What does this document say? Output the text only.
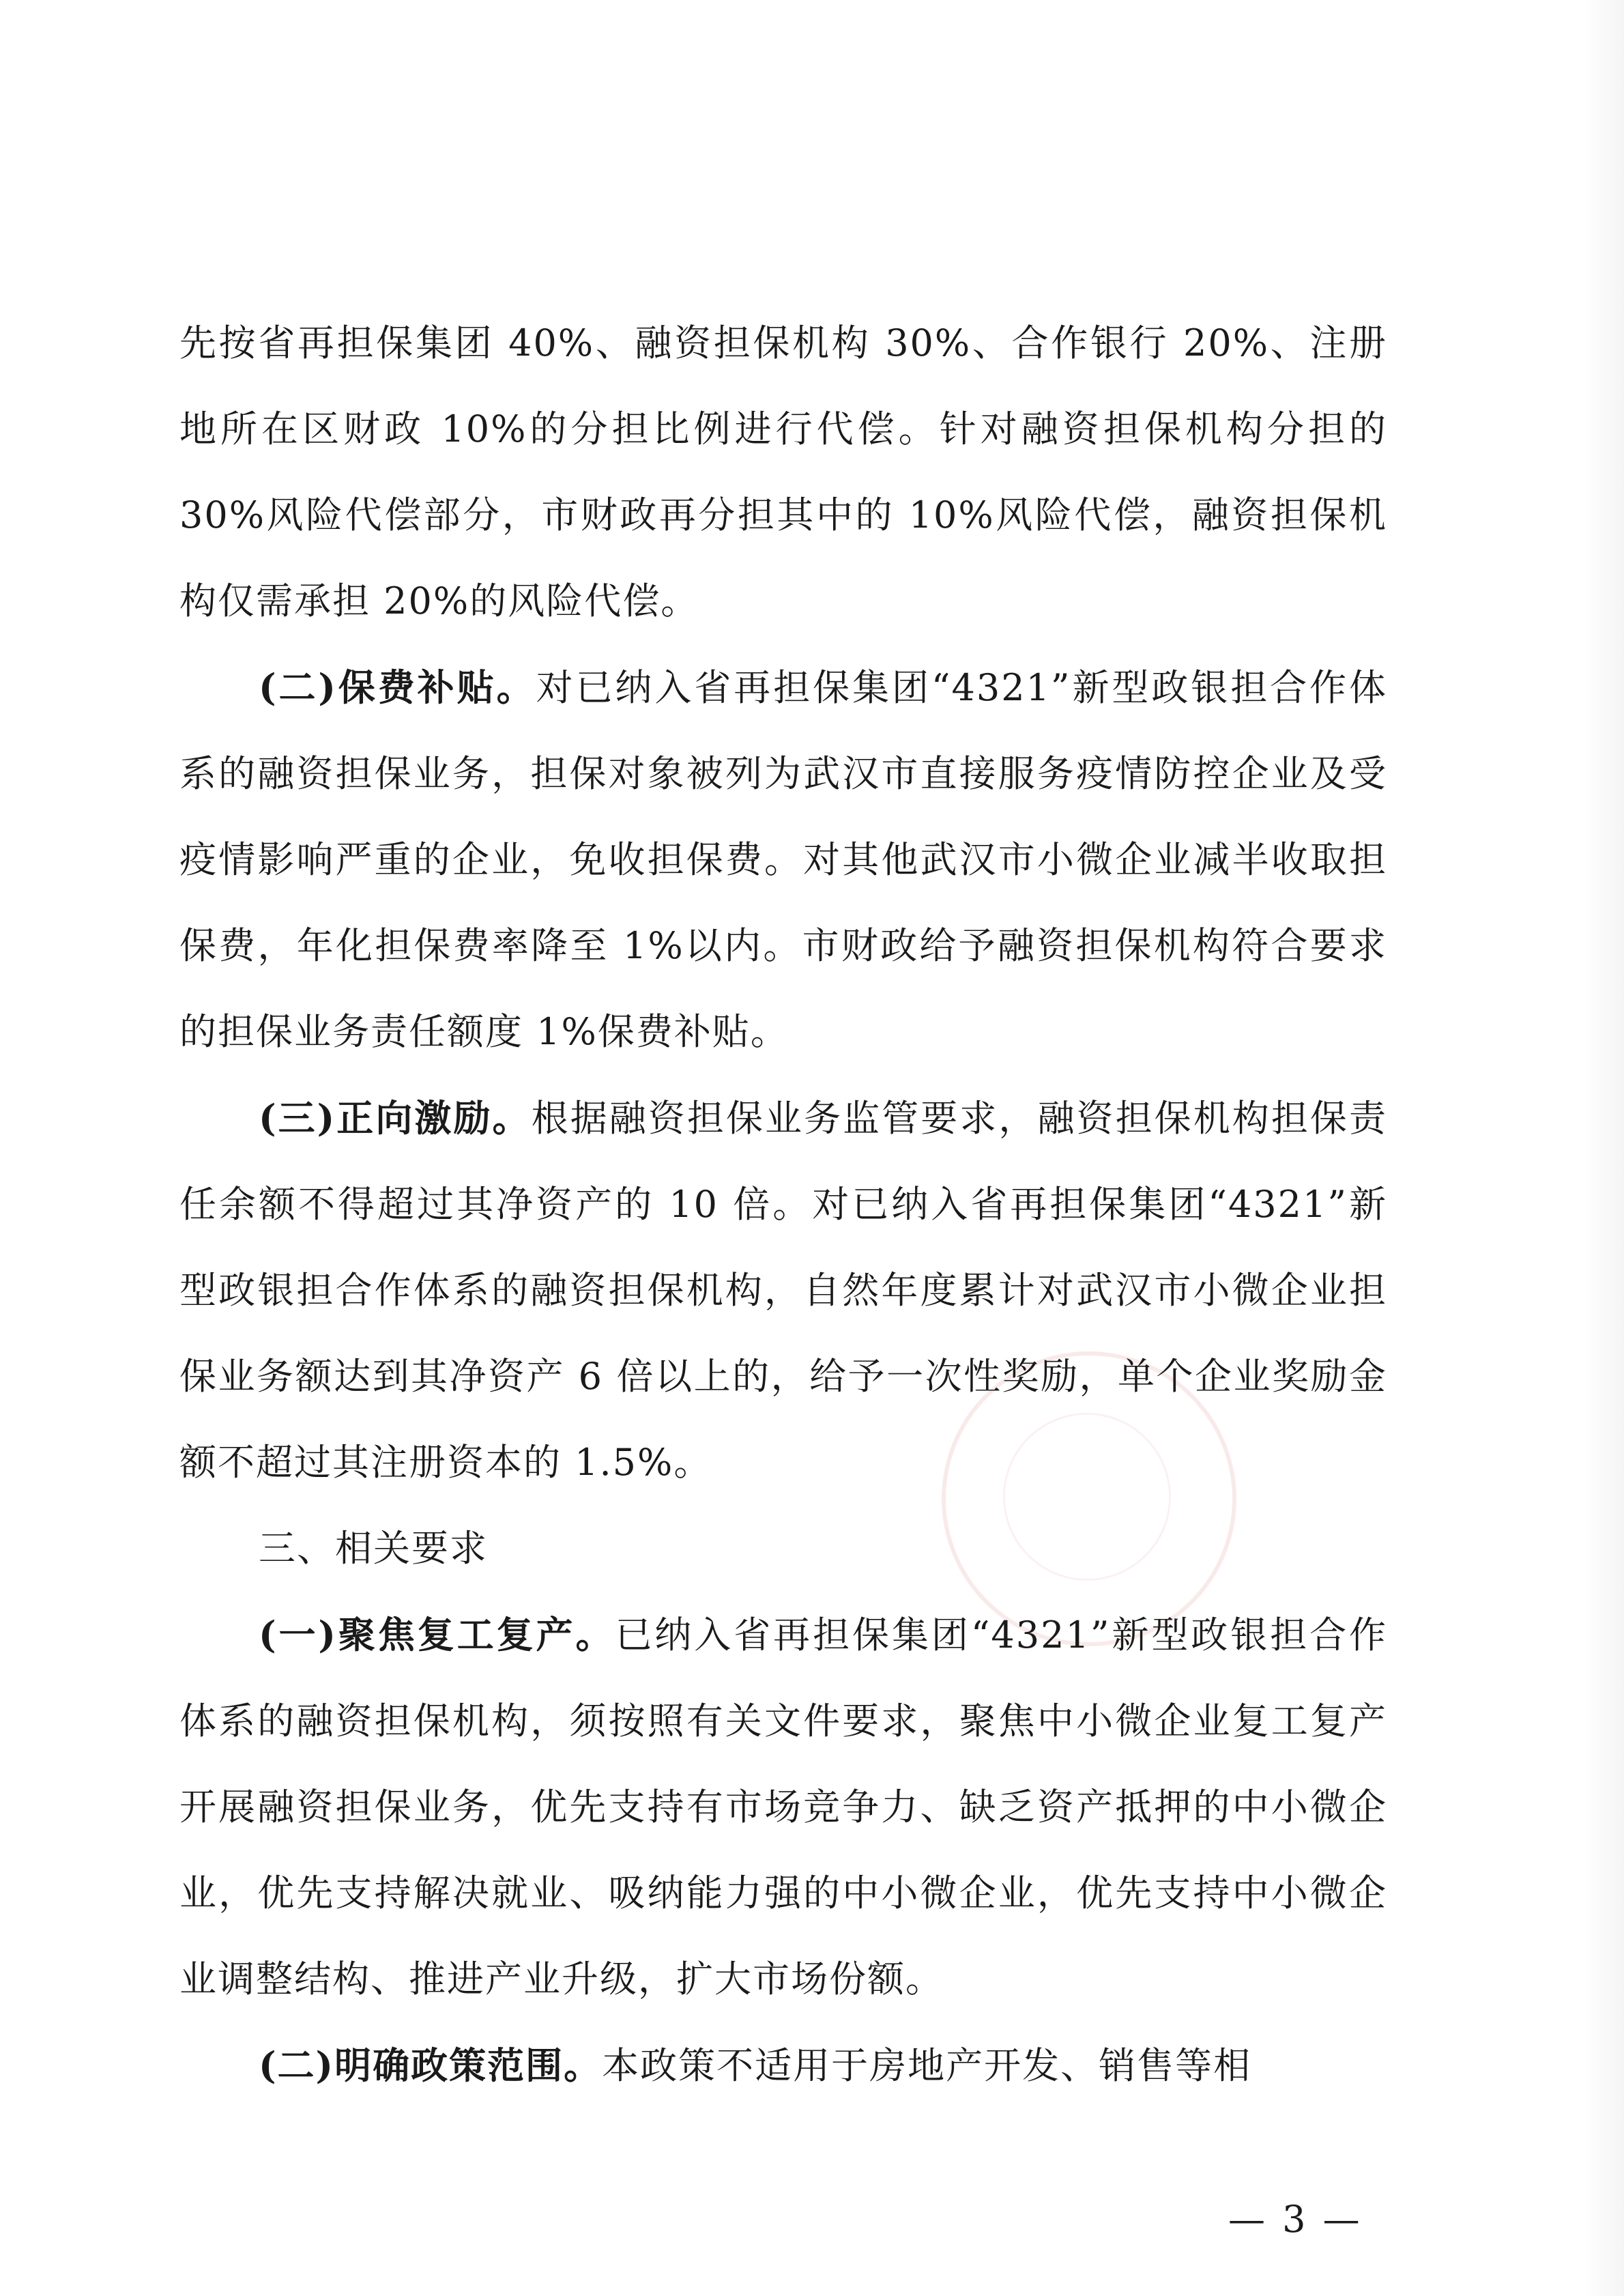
先按省再担保集团 40%、融资担保机构 30%、合作银行 20%、注册地所在区财政 10%的分担比例进行代偿。针对融资担保机构分担的 30%风险代偿部分，市财政再分担其中的 10%风险代偿，融资担保机构仅需承担 20%的风险代偿。

(二)保费补贴。对已纳入省再担保集团“4321”新型政银担合作体系的融资担保业务，担保对象被列为武汉市直接服务疫情防控企业及受疫情影响严重的企业，免收担保费。对其他武汉市小微企业减半收取担保费，年化担保费率降至 1%以内。市财政给予融资担保机构符合要求的担保业务责任额度 1%保费补贴。

(三)正向激励。根据融资担保业务监管要求，融资担保机构担保责任余额不得超过其净资产的 10 倍。对已纳入省再担保集团“4321”新型政银担合作体系的融资担保机构，自然年度累计对武汉市小微企业担保业务额达到其净资产 6 倍以上的，给予一次性奖励，单个企业奖励金额不超过其注册资本的 1.5%。

三、相关要求

(一)聚焦复工复产。已纳入省再担保集团“4321”新型政银担合作体系的融资担保机构，须按照有关文件要求，聚焦中小微企业复工复产开展融资担保业务，优先支持有市场竞争力、缺乏资产抵押的中小微企业，优先支持解决就业、吸纳能力强的中小微企业，优先支持中小微企业调整结构、推进产业升级，扩大市场份额。

(二)明确政策范围。本政策不适用于房地产开发、销售等相

— 3 —
